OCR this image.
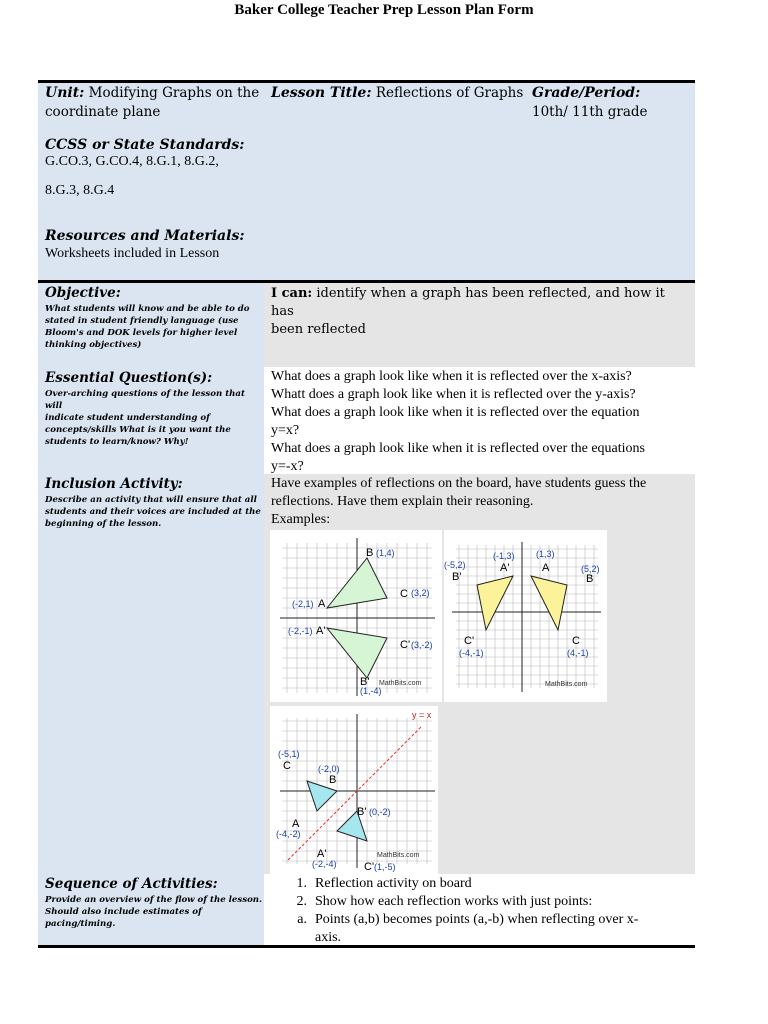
Baker College Teacher Prep Lesson Plan Form
Unit: Modifying Graphs on the
coordinate plane
Lesson Title: Reflections of Graphs Grade/Period:
10th/ 11th grade
CCSS or State Standards:
G.CO.3, G.CO.4, 8.G.1, 8.G.2,
8.G.3, 8.G.4
Resources and Materials:
Worksheets included in Lesson
Objective:
What students will know and be able to do
stated in student friendly language (use
Bloom's and DOK levels for higher level
thinking objectives)
I can: identify when a graph has been reflected, and how it has
been reflected
Essential Question(s):
Over-arching questions of the lesson that will
indicate student understanding of
concepts/skills What is it you want the
students to learn/know? Why!
What does a graph look like when it is reflected over the x-axis?
Whatt does a graph look like when it is reflected over the y-axis?
What does a graph look like when it is reflected over the equation
y=x?
What does a graph look like when it is reflected over the equations
y=-x?
Inclusion Activity:
Describe an activity that will ensure that all
students and their voices are included at the
beginning of the lesson.
Have examples of reflections on the board, have students guess the
reflections. Have them explain their reasoning.
Examples:
B (1,4)
C (3,2)
(-2,1) A
(-2,-1) A'
C' (3,-2)
B'
(1,-4)
MathBits.com
(-5,2)
B'
(-1,3)
A'
(1,3)
A	(5,2)
B
C'
(-4,-1)
C
(4,-1)
MathBits.com
y = x
(-5,1)
C	(-2,0)
B
A
(-4,-2)
B' (0,-2)
A'
(-2,-4)	C' (1,-5)
MathBits.com
Sequence of Activities:
Provide an overview of the flow of the lesson.
Should also include estimates of
pacing/timing.
1. Reflection activity on board
2. Show how each reflection works with just points:
a. Points (a,b) becomes points (a,-b) when reflecting over x-
axis.
